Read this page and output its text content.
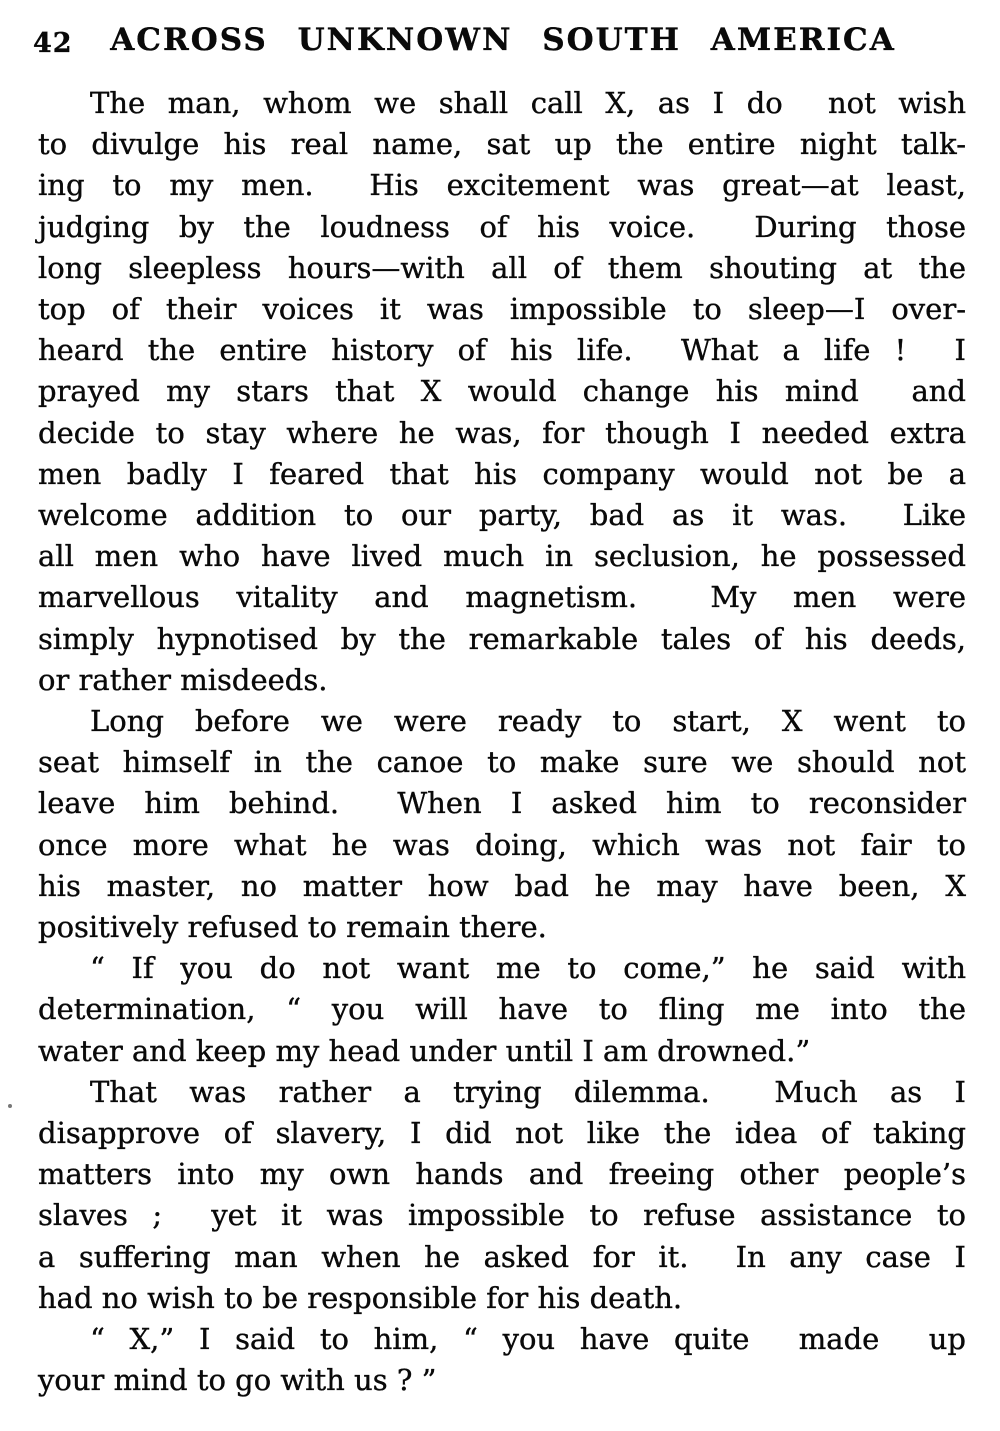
42	ACROSS UNKNOWN SOUTH AMERICA
The man, whom we shall call X, as I do  not wish
to divulge his real name, sat up the entire night talk-
ing to my men.  His excitement was great—at least,
judging by the loudness of his voice.  During those
long sleepless hours—with all of them shouting at the
top of their voices it was impossible to sleep—I over-
heard the entire history of his life.  What a life !  I
prayed my stars that X would change his mind  and
decide to stay where he was, for though I needed extra
men badly I feared that his company would not be a
welcome addition to our party, bad as it was.  Like
all men who have lived much in seclusion, he possessed
marvellous vitality and magnetism.  My men were
simply hypnotised by the remarkable tales of his deeds,
or rather misdeeds.
Long before we were ready to start, X went to
seat himself in the canoe to make sure we should not
leave him behind.  When I asked him to reconsider
once more what he was doing, which was not fair to
his master, no matter how bad he may have been, X
positively refused to remain there.
“ If you do not want me to come,” he said with
determination, “ you will have to fling me into the
water and keep my head under until I am drowned.”
That was rather a trying dilemma.  Much as I
disapprove of slavery, I did not like the idea of taking
matters into my own hands and freeing other people’s
slaves ;  yet it was impossible to refuse assistance to
a suffering man when he asked for it.  In any case I
had no wish to be responsible for his death.
“ X,” I said to him, “ you have quite  made  up
your mind to go with us ? ”
